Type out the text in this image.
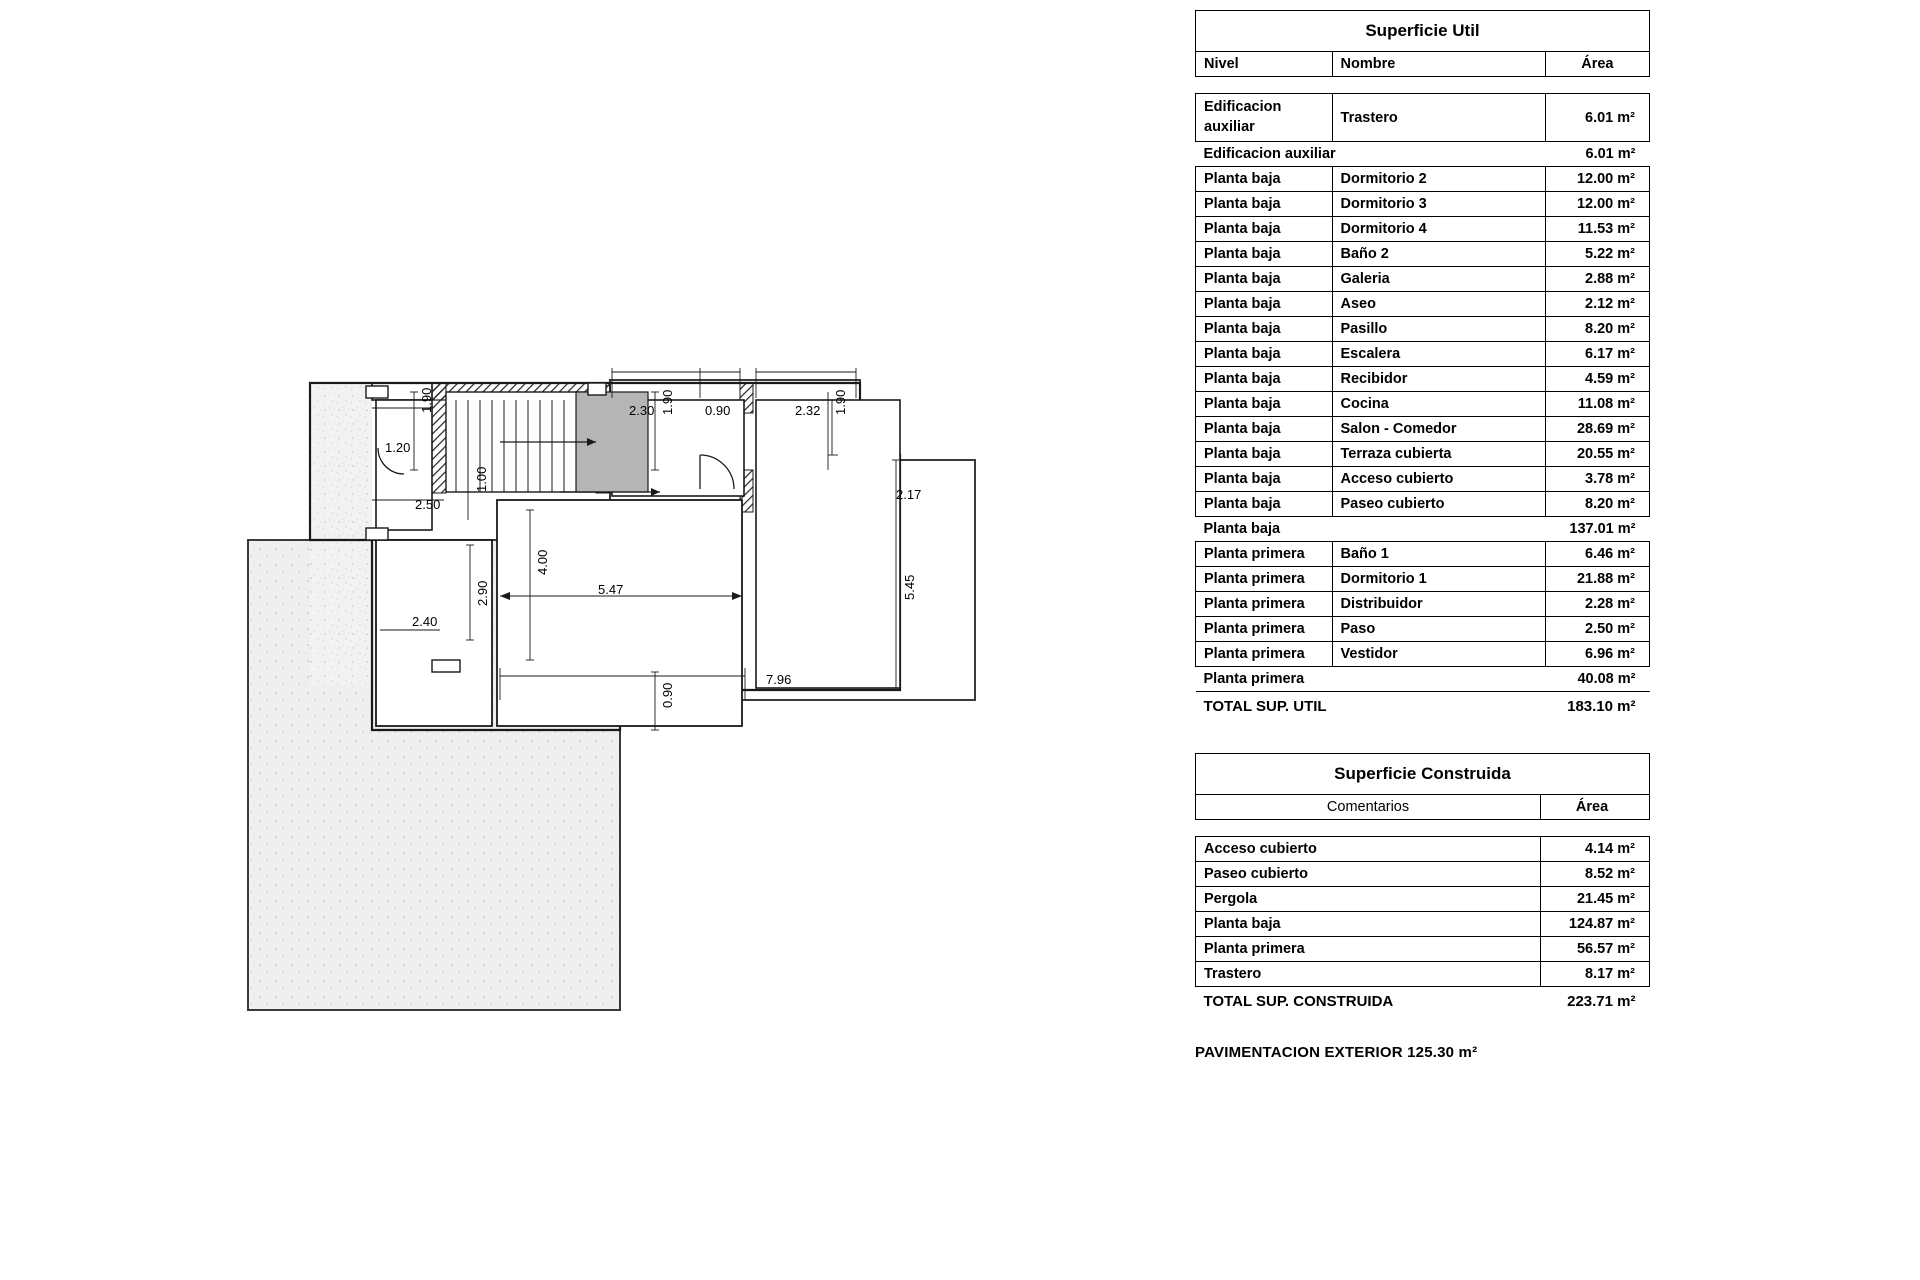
2.30	0.90	2.32
1.90	1.90	1.90
1.20
2.17
2.50
1.00
4.00
5.47	5.45
2.90
2.40
7.96
0.90
Superficie Util		
Nivel	Nombre	Área

Edificacion auxiliar	Trastero	6.01 m²
Edificacion auxiliar		6.01 m²
Planta baja	Dormitorio 2	12.00 m²
Planta baja	Dormitorio 3	12.00 m²
Planta baja	Dormitorio 4	11.53 m²
Planta baja	Baño 2	5.22 m²
Planta baja	Galeria	2.88 m²
Planta baja	Aseo	2.12 m²
Planta baja	Pasillo	8.20 m²
Planta baja	Escalera	6.17 m²
Planta baja	Recibidor	4.59 m²
Planta baja	Cocina	11.08 m²
Planta baja	Salon - Comedor	28.69 m²
Planta baja	Terraza cubierta	20.55 m²
Planta baja	Acceso cubierto	3.78 m²
Planta baja	Paseo cubierto	8.20 m²
Planta baja		137.01 m²
Planta primera	Baño 1	6.46 m²
Planta primera	Dormitorio 1	21.88 m²
Planta primera	Distribuidor	2.28 m²
Planta primera	Paso	2.50 m²
Planta primera	Vestidor	6.96 m²
Planta primera		40.08 m²
TOTAL SUP. UTIL		183.10 m²
Superficie Construida	
Comentarios	Área

Acceso cubierto	4.14 m²
Paseo cubierto	8.52 m²
Pergola	21.45 m²
Planta baja	124.87 m²
Planta primera	56.57 m²
Trastero	8.17 m²
TOTAL SUP. CONSTRUIDA	223.71 m²
PAVIMENTACION EXTERIOR 125.30 m²
